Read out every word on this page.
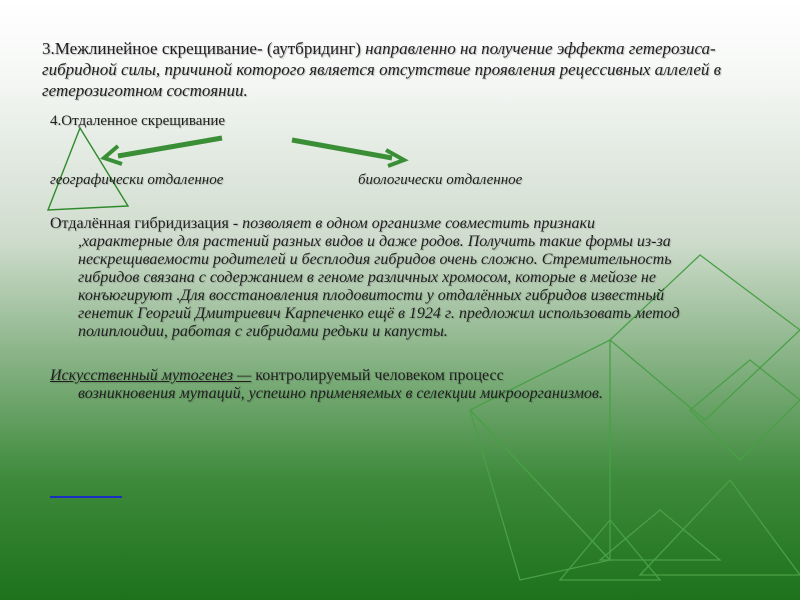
3.Межлинейное скрещивание- (аутбридинг) направленно на получение эффекта гетерозиса- гибридной силы, причиной которого является отсутствие проявления рецессивных аллелей в гетерозиготном состоянии.
4.Отдаленное скрещивание
географически отдаленное	биологически отдаленное
Отдалённая гибридизация - позволяет в одном организме совместить признаки
,характерные для растений разных видов и даже родов. Получить такие формы из-за нескрещиваемости родителей и бесплодия гибридов очень сложно. Стремительность гибридов связана с содержанием в геноме различных хромосом, которые в мейозе не конъюгируют .Для восстановления плодовитости у отдалённых гибридов известный генетик Георгий Дмитриевич Карпеченко ещё в 1924 г. предложил использовать метод полиплоидии, работая с гибридами редьки и капусты.
Искусственный мутогенез — контролируемый человеком процесс
возникновения мутаций, успешно применяемых в селекции микроорганизмов.
